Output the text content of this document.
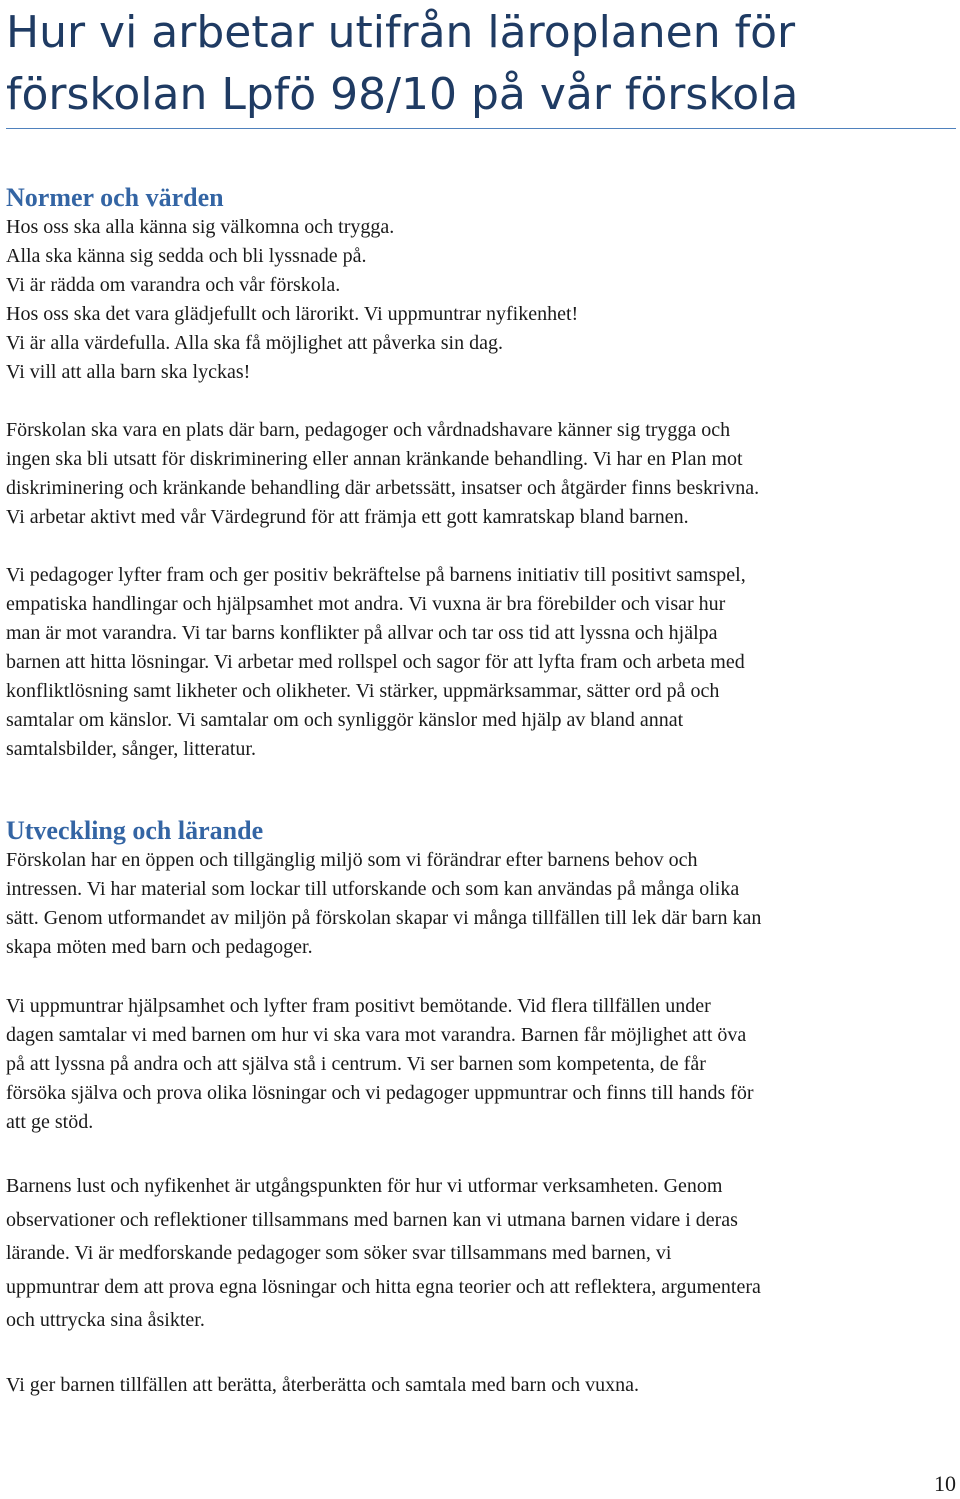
Hur vi arbetar utifrån läroplanen för
förskolan Lpfö 98/10 på vår förskola
Normer och värden
Hos oss ska alla känna sig välkomna och trygga.
Alla ska känna sig sedda och bli lyssnade på.
Vi är rädda om varandra och vår förskola.
Hos oss ska det vara glädjefullt och lärorikt. Vi uppmuntrar nyfikenhet!
Vi är alla värdefulla. Alla ska få möjlighet att påverka sin dag.
Vi vill att alla barn ska lyckas!

Förskolan ska vara en plats där barn, pedagoger och vårdnadshavare känner sig trygga och
ingen ska bli utsatt för diskriminering eller annan kränkande behandling. Vi har en Plan mot
diskriminering och kränkande behandling där arbetssätt, insatser och åtgärder finns beskrivna.
Vi arbetar aktivt med vår Värdegrund för att främja ett gott kamratskap bland barnen.

Vi pedagoger lyfter fram och ger positiv bekräftelse på barnens initiativ till positivt samspel,
empatiska handlingar och hjälpsamhet mot andra. Vi vuxna är bra förebilder och visar hur
man är mot varandra. Vi tar barns konflikter på allvar och tar oss tid att lyssna och hjälpa
barnen att hitta lösningar. Vi arbetar med rollspel och sagor för att lyfta fram och arbeta med
konfliktlösning samt likheter och olikheter. Vi stärker, uppmärksammar, sätter ord på och
samtalar om känslor. Vi samtalar om och synliggör känslor med hjälp av bland annat
samtalsbilder, sånger, litteratur.

Utveckling och lärande

Förskolan har en öppen och tillgänglig miljö som vi förändrar efter barnens behov och
intressen. Vi har material som lockar till utforskande och som kan användas på många olika
sätt. Genom utformandet av miljön på förskolan skapar vi många tillfällen till lek där barn kan
skapa möten med barn och pedagoger.

Vi uppmuntrar hjälpsamhet och lyfter fram positivt bemötande. Vid flera tillfällen under
dagen samtalar vi med barnen om hur vi ska vara mot varandra. Barnen får möjlighet att öva
på att lyssna på andra och att själva stå i centrum. Vi ser barnen som kompetenta, de får
försöka själva och prova olika lösningar och vi pedagoger uppmuntrar och finns till hands för
att ge stöd.

Barnens lust och nyfikenhet är utgångspunkten för hur vi utformar verksamheten. Genom
observationer och reflektioner tillsammans med barnen kan vi utmana barnen vidare i deras
lärande. Vi är medforskande pedagoger som söker svar tillsammans med barnen, vi
uppmuntrar dem att prova egna lösningar och hitta egna teorier och att reflektera, argumentera
och uttrycka sina åsikter.

Vi ger barnen tillfällen att berätta, återberätta och samtala med barn och vuxna.

10
